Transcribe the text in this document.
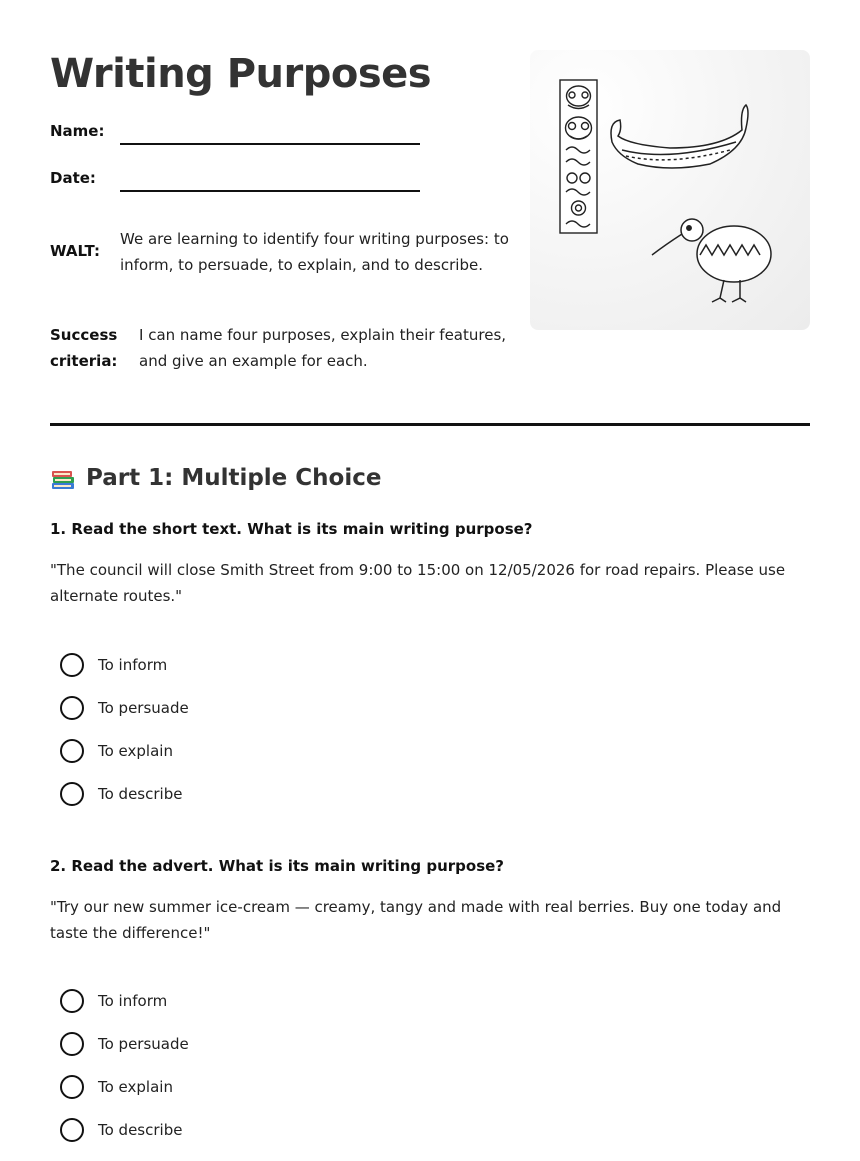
Writing Purposes
Name:
Date:
WALT:
We are learning to identify four writing purposes: to inform, to persuade, to explain, and to describe.
Success
criteria:
I can name four purposes, explain their features, and give an example for each.
Part 1: Multiple Choice
1. Read the short text. What is its main writing purpose?
"The council will close Smith Street from 9:00 to 15:00 on 12/05/2026 for road repairs. Please use alternate routes."
To inform
To persuade
To explain
To describe
2. Read the advert. What is its main writing purpose?
"Try our new summer ice-cream — creamy, tangy and made with real berries. Buy one today and taste the difference!"
To inform
To persuade
To explain
To describe
